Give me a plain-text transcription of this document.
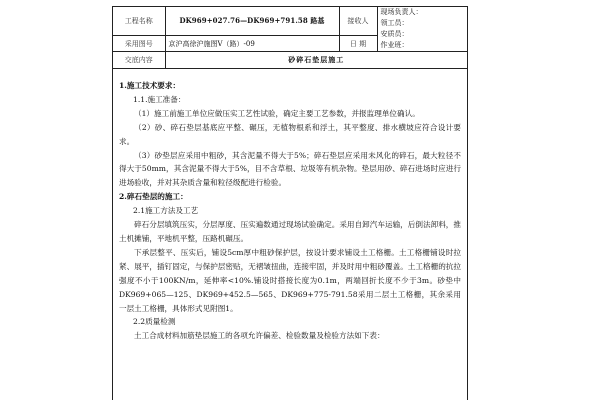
工程名称	DK969+027.76—DK969+791.58 路基	接收人	现场负责人：
领工员：
安质员：
作业班：

采用图号	京沪高徐沪施图Ⅴ（路）-09	日 期	
交底内容	砂碎石垫层施工		

1.施工技术要求：

1.1.施工准备：

（1）施工前施工单位应做压实工艺性试验，确定主要工艺参数，并报监理单位确认。

（2）砂、碎石垫层基底应平整、碾压，无植物根系和浮土，其平整度、排水横坡应符合设计要求。

（3）砂垫层应采用中粗砂，其含泥量不得大于5%；碎石垫层应采用未风化的碎石，最大粒径不得大于50mm，其含泥量不得大于5%，目不含草根、垃圾等有机杂物。垫层用砂、碎石进场时应进行进场验收，并对其杂质含量和粒径级配进行检验。

2.碎石垫层的施工：

2.1施工方法及工艺

碎石分层填筑压实，分层厚度、压实遍数通过现场试验确定。采用自卸汽车运输，后倒法卸料，推土机摊铺，平地机平整，压路机碾压。

下承层整平、压实后，铺设5cm厚中粗砂保护层，按设计要求铺设土工格栅。土工格栅铺设时拉紧、展平，插钉固定，与保护层密贴，无褶皱扭曲，连接牢固，并及时用中粗砂覆盖。土工格栅的抗拉强度不小于100KN/m，延伸率<10%.铺设时搭接长度为0.1m，两端回折长度不少于3m。砂垫中DK969+065—125、DK969+452.5—565、DK969+775-791.58采用二层土工格栅，其余采用一层土工格栅，具体形式见附图1。

2.2质量检测

土工合成材料加筋垫层施工的各项允许偏差、检验数量及检验方法如下表：
